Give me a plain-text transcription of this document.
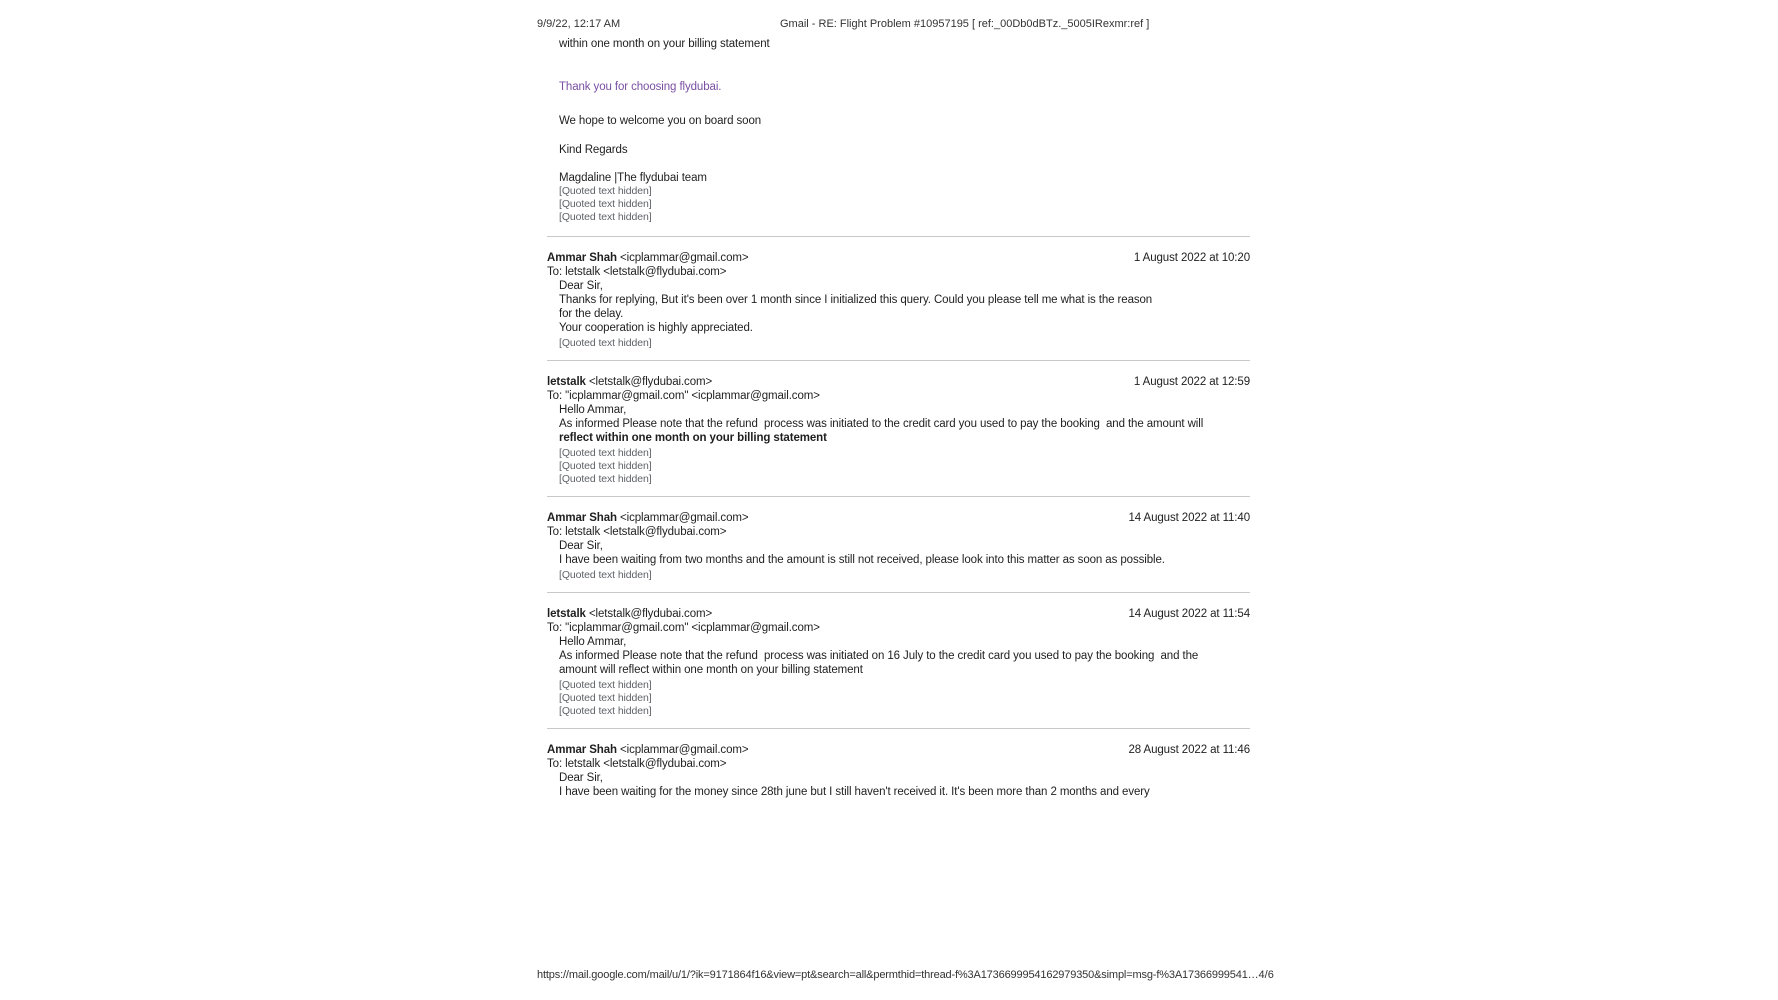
9/9/22, 12:17 AM	Gmail - RE: Flight Problem #10957195 [ ref:_00Db0dBTz._5005IRexmr:ref ]

within one month on your billing statement

Thank you for choosing flydubai.

We hope to welcome you on board soon

Kind Regards

Magdaline |The flydubai team

[Quoted text hidden]
[Quoted text hidden]
[Quoted text hidden]
Ammar Shah <icplammar@gmail.com>
To: letstalk <letstalk@flydubai.com>
1 August 2022 at 10:20

Dear Sir,

Thanks for replying, But it's been over 1 month since I initialized this query. Could you please tell me what is the reason

for the delay.

Your cooperation is highly appreciated.

[Quoted text hidden]
letstalk <letstalk@flydubai.com>
To: "icplammar@gmail.com" <icplammar@gmail.com>
1 August 2022 at 12:59

Hello Ammar,

As informed Please note that the refund  process was initiated to the credit card you used to pay the booking  and the amount will

reflect within one month on your billing statement

[Quoted text hidden]
[Quoted text hidden]
[Quoted text hidden]
Ammar Shah <icplammar@gmail.com>
To: letstalk <letstalk@flydubai.com>
14 August 2022 at 11:40

Dear Sir,

I have been waiting from two months and the amount is still not received, please look into this matter as soon as possible.

[Quoted text hidden]
letstalk <letstalk@flydubai.com>
To: "icplammar@gmail.com" <icplammar@gmail.com>
14 August 2022 at 11:54

Hello Ammar,

As informed Please note that the refund  process was initiated on 16 July to the credit card you used to pay the booking  and the

amount will reflect within one month on your billing statement

[Quoted text hidden]
[Quoted text hidden]
[Quoted text hidden]
Ammar Shah <icplammar@gmail.com>
To: letstalk <letstalk@flydubai.com>
28 August 2022 at 11:46

Dear Sir,

I have been waiting for the money since 28th june but I still haven't received it. It's been more than 2 months and every

https://mail.google.com/mail/u/1/?ik=9171864f16&view=pt&search=all&permthid=thread-f%3A1736699954162979350&simpl=msg-f%3A17366999541… 4/6
